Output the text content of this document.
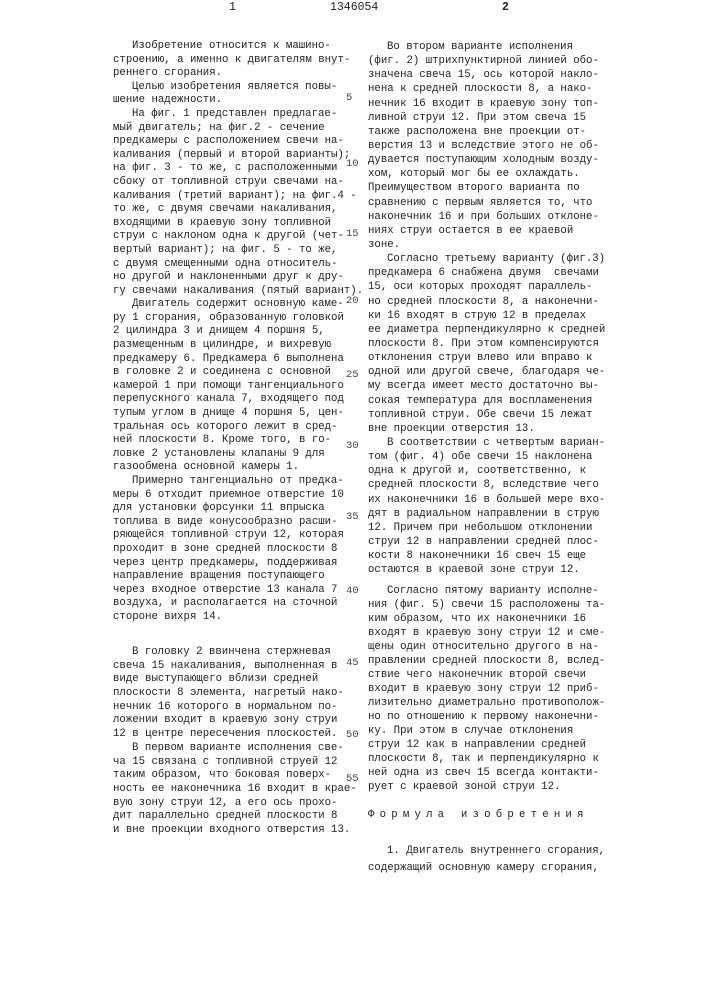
1	1346054	2
5
10
15
20
25
30
35
40
45
50
55
Изобретение относится к машино-
строению, а именно к двигателям внут-
реннего сгорания.
Целью изобретения является повы-
шение надежности.
На фиг. 1 представлен предлагае-
мый двигатель; на фиг.2 - сечение
предкамеры с расположением свечи на-
каливания (первый и второй варианты);
на фиг. 3 - то же, с расположенными
сбоку от топливной струи свечами на-
каливания (третий вариант); на фиг.4 -
то же, с двумя свечами накаливания,
входящими в краевую зону топливной
струи с наклоном одна к другой (чет-
вертый вариант); на фиг. 5 - то же,
с двумя смещенными одна относитель-
но другой и наклоненными друг к дру-
гу свечами накаливания (пятый вариант).
Двигатель содержит основную каме-
ру 1 сгорания, образованную головкой
2 цилиндра 3 и днищем 4 поршня 5,
размещенным в цилиндре, и вихревую
предкамеру 6. Предкамера 6 выполнена
в головке 2 и соединена с основной
камерой 1 при помощи тангенциального
перепускного канала 7, входящего под
тупым углом в днище 4 поршня 5, цен-
тральная ось которого лежит в сред-
ней плоскости 8. Кроме того, в го-
ловке 2 установлены клапаны 9 для
газообмена основной камеры 1.
Примерно тангенциально от предка-
меры 6 отходит приемное отверстие 10
для установки форсунки 11 впрыска
топлива в виде конусообразно расши-
ряющейся топливной струи 12, которая
проходит в зоне средней плоскости 8
через центр предкамеры, поддерживая
направление вращения поступающего
через входное отверстие 13 канала 7
воздуха, и располагается на сточной
стороне вихря 14.
В головку 2 ввинчена стержневая
свеча 15 накаливания, выполненная в
виде выступающего вблизи средней
плоскости 8 элемента, нагретый нако-
нечник 16 которого в нормальном по-
ложении входит в краевую зону струи
12 в центре пересечения плоскостей.
В первом варианте исполнения све-
ча 15 связана с топливной струей 12
таким образом, что боковая поверх-
ность ее наконечника 16 входит в крае-
вую зону струи 12, а его ось прохо-
дит параллельно средней плоскости 8
и вне проекции входного отверстия 13.
Во втором варианте исполнения
(фиг. 2) штрихпунктирной линией обо-
значена свеча 15, ось которой накло-
нена к средней плоскости 8, а нако-
нечник 16 входит в краевую зону топ-
ливной струи 12. При этом свеча 15
также расположена вне проекции от-
верстия 13 и вследствие этого не об-
дувается поступающим холодным возду-
хом, который мог бы ее охлаждать.
Преимуществом второго варианта по
сравнению с первым является то, что
наконечник 16 и при больших отклоне-
ниях струи остается в ее краевой
зоне.
Согласно третьему варианту (фиг.3)
предкамера 6 снабжена двумя  свечами
15, оси которых проходят параллель-
но средней плоскости 8, а наконечни-
ки 16 входят в струю 12 в пределах
ее диаметра перпендикулярно к средней
плоскости 8. При этом компенсируются
отклонения струи влево или вправо к
одной или другой свече, благодаря че-
му всегда имеет место достаточно вы-
сокая температура для воспламенения
топливной струи. Обе свечи 15 лежат
вне проекции отверстия 13.
В соответствии с четвертым вариан-
том (фиг. 4) обе свечи 15 наклонена
одна к другой и, соответственно, к
средней плоскости 8, вследствие чего
их наконечники 16 в большей мере вхо-
дят в радиальном направлении в струю
12. Причем при небольшом отклонении
струи 12 в направлении средней плос-
кости 8 наконечники 16 свеч 15 еще
остаются в краевой зоне струи 12.
Согласно пятому варианту исполне-
ния (фиг. 5) свечи 15 расположены та-
ким образом, что их наконечники 16
входят в краевую зону струи 12 и сме-
щены один относительно другого в на-
правлении средней плоскости 8, вслед-
ствие чего наконечник второй свечи
входит в краевую зону струи 12 приб-
лизительно диаметрально противополож-
но по отношению к первому наконечни-
ку. При этом в случае отклонения
струи 12 как в направлении средней
плоскости 8, так и перпендикулярно к
ней одна из свеч 15 всегда контакти-
рует с краевой зоной струи 12.
Формула изобретения
1. Двигатель внутреннего сгорания,
содержащий основную камеру сгорания,
